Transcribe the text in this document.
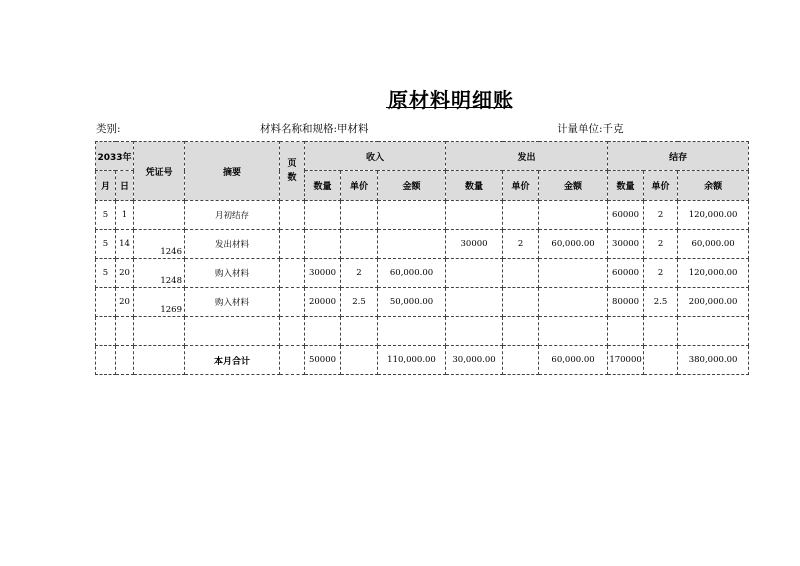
原材料明细账
类别:	材料名称和规格:甲材料	计量单位:千克
2033年		凭证号	摘要	页数	收入			发出			结存		
月	日				数量	单价	金额	数量	单价	金额	数量	单价	余额
5	1		月初结存								60000	2	120,000.00
5	14	1246	发出材料					30000	2	60,000.00	30000	2	60,000.00
5	20	1248	购入材料		30000	2	60,000.00				60000	2	120,000.00
	20	1269	购入材料		20000	2.5	50,000.00				80000	2.5	200,000.00

			本月合计		50000		110,000.00	30,000.00		60,000.00	170000		380,000.00
